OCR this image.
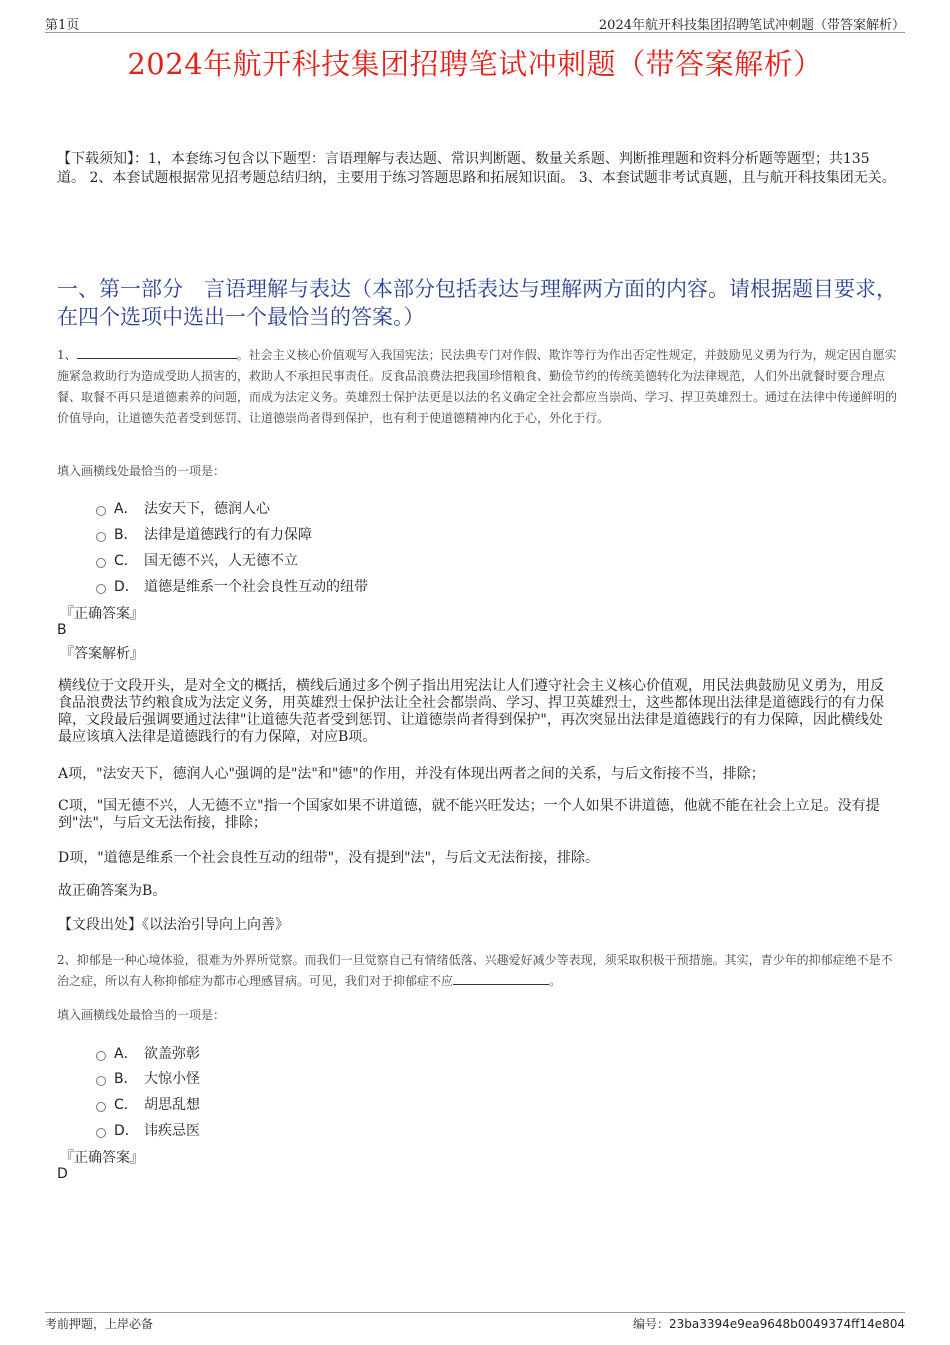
第1页	2024年航开科技集团招聘笔试冲刺题（带答案解析）
2024年航开科技集团招聘笔试冲刺题（带答案解析）
【下载须知】：1，本套练习包含以下题型：言语理解与表达题、常识判断题、数量关系题、判断推理题和资料分析题等题型；共135道。 2、本套试题根据常见招考题总结归纳，主要用于练习答题思路和拓展知识面。 3、本套试题非考试真题，且与航开科技集团无关。
一、第一部分　言语理解与表达（本部分包括表达与理解两方面的内容。请根据题目要求，在四个选项中选出一个最恰当的答案。）
1、	。社会主义核心价值观写入我国宪法；民法典专门对作假、欺诈等行为作出否定性规定，并鼓励见义勇为行为，规定因自愿实施紧急救助行为造成受助人损害的，救助人不承担民事责任。反食品浪费法把我国珍惜粮食、勤俭节约的传统美德转化为法律规范，人们外出就餐时要合理点餐、取餐不再只是道德素养的问题，而成为法定义务。英雄烈士保护法更是以法的名义确定全社会都应当崇尚、学习、捍卫英雄烈士。通过在法律中传递鲜明的价值导向，让道德失范者受到惩罚、让道德崇尚者得到保护，也有利于使道德精神内化于心，外化于行。
填入画横线处最恰当的一项是：
A． 法安天下，德润人心
B． 法律是道德践行的有力保障
C． 国无德不兴，人无德不立
D． 道德是维系一个社会良性互动的纽带
『正确答案』
B
『答案解析』
横线位于文段开头，是对全文的概括，横线后通过多个例子指出用宪法让人们遵守社会主义核心价值观，用民法典鼓励见义勇为，用反食品浪费法节约粮食成为法定义务，用英雄烈士保护法让全社会都崇尚、学习、捍卫英雄烈士，这些都体现出法律是道德践行的有力保障，文段最后强调要通过法律"让道德失范者受到惩罚、让道德崇尚者得到保护"，再次突显出法律是道德践行的有力保障，因此横线处最应该填入法律是道德践行的有力保障，对应B项。
A项，"法安天下，德润人心"强调的是"法"和"德"的作用，并没有体现出两者之间的关系，与后文衔接不当，排除；
C项，"国无德不兴，人无德不立"指一个国家如果不讲道德，就不能兴旺发达；一个人如果不讲道德，他就不能在社会上立足。没有提到"法"，与后文无法衔接，排除；
D项，"道德是维系一个社会良性互动的纽带"，没有提到"法"，与后文无法衔接，排除。
故正确答案为B。
【文段出处】《以法治引导向上向善》
2、抑郁是一种心境体验，很难为外界所觉察。而我们一旦觉察自己有情绪低落、兴趣爱好减少等表现，须采取积极干预措施。其实，青少年的抑郁症绝不是不治之症，所以有人称抑郁症为都市心理感冒病。可见，我们对于抑郁症不应	。
填入画横线处最恰当的一项是：
A． 欲盖弥彰
B． 大惊小怪
C． 胡思乱想
D． 讳疾忌医
『正确答案』
D
考前押题，上岸必备	编号：23ba3394e9ea9648b0049374ff14e804
